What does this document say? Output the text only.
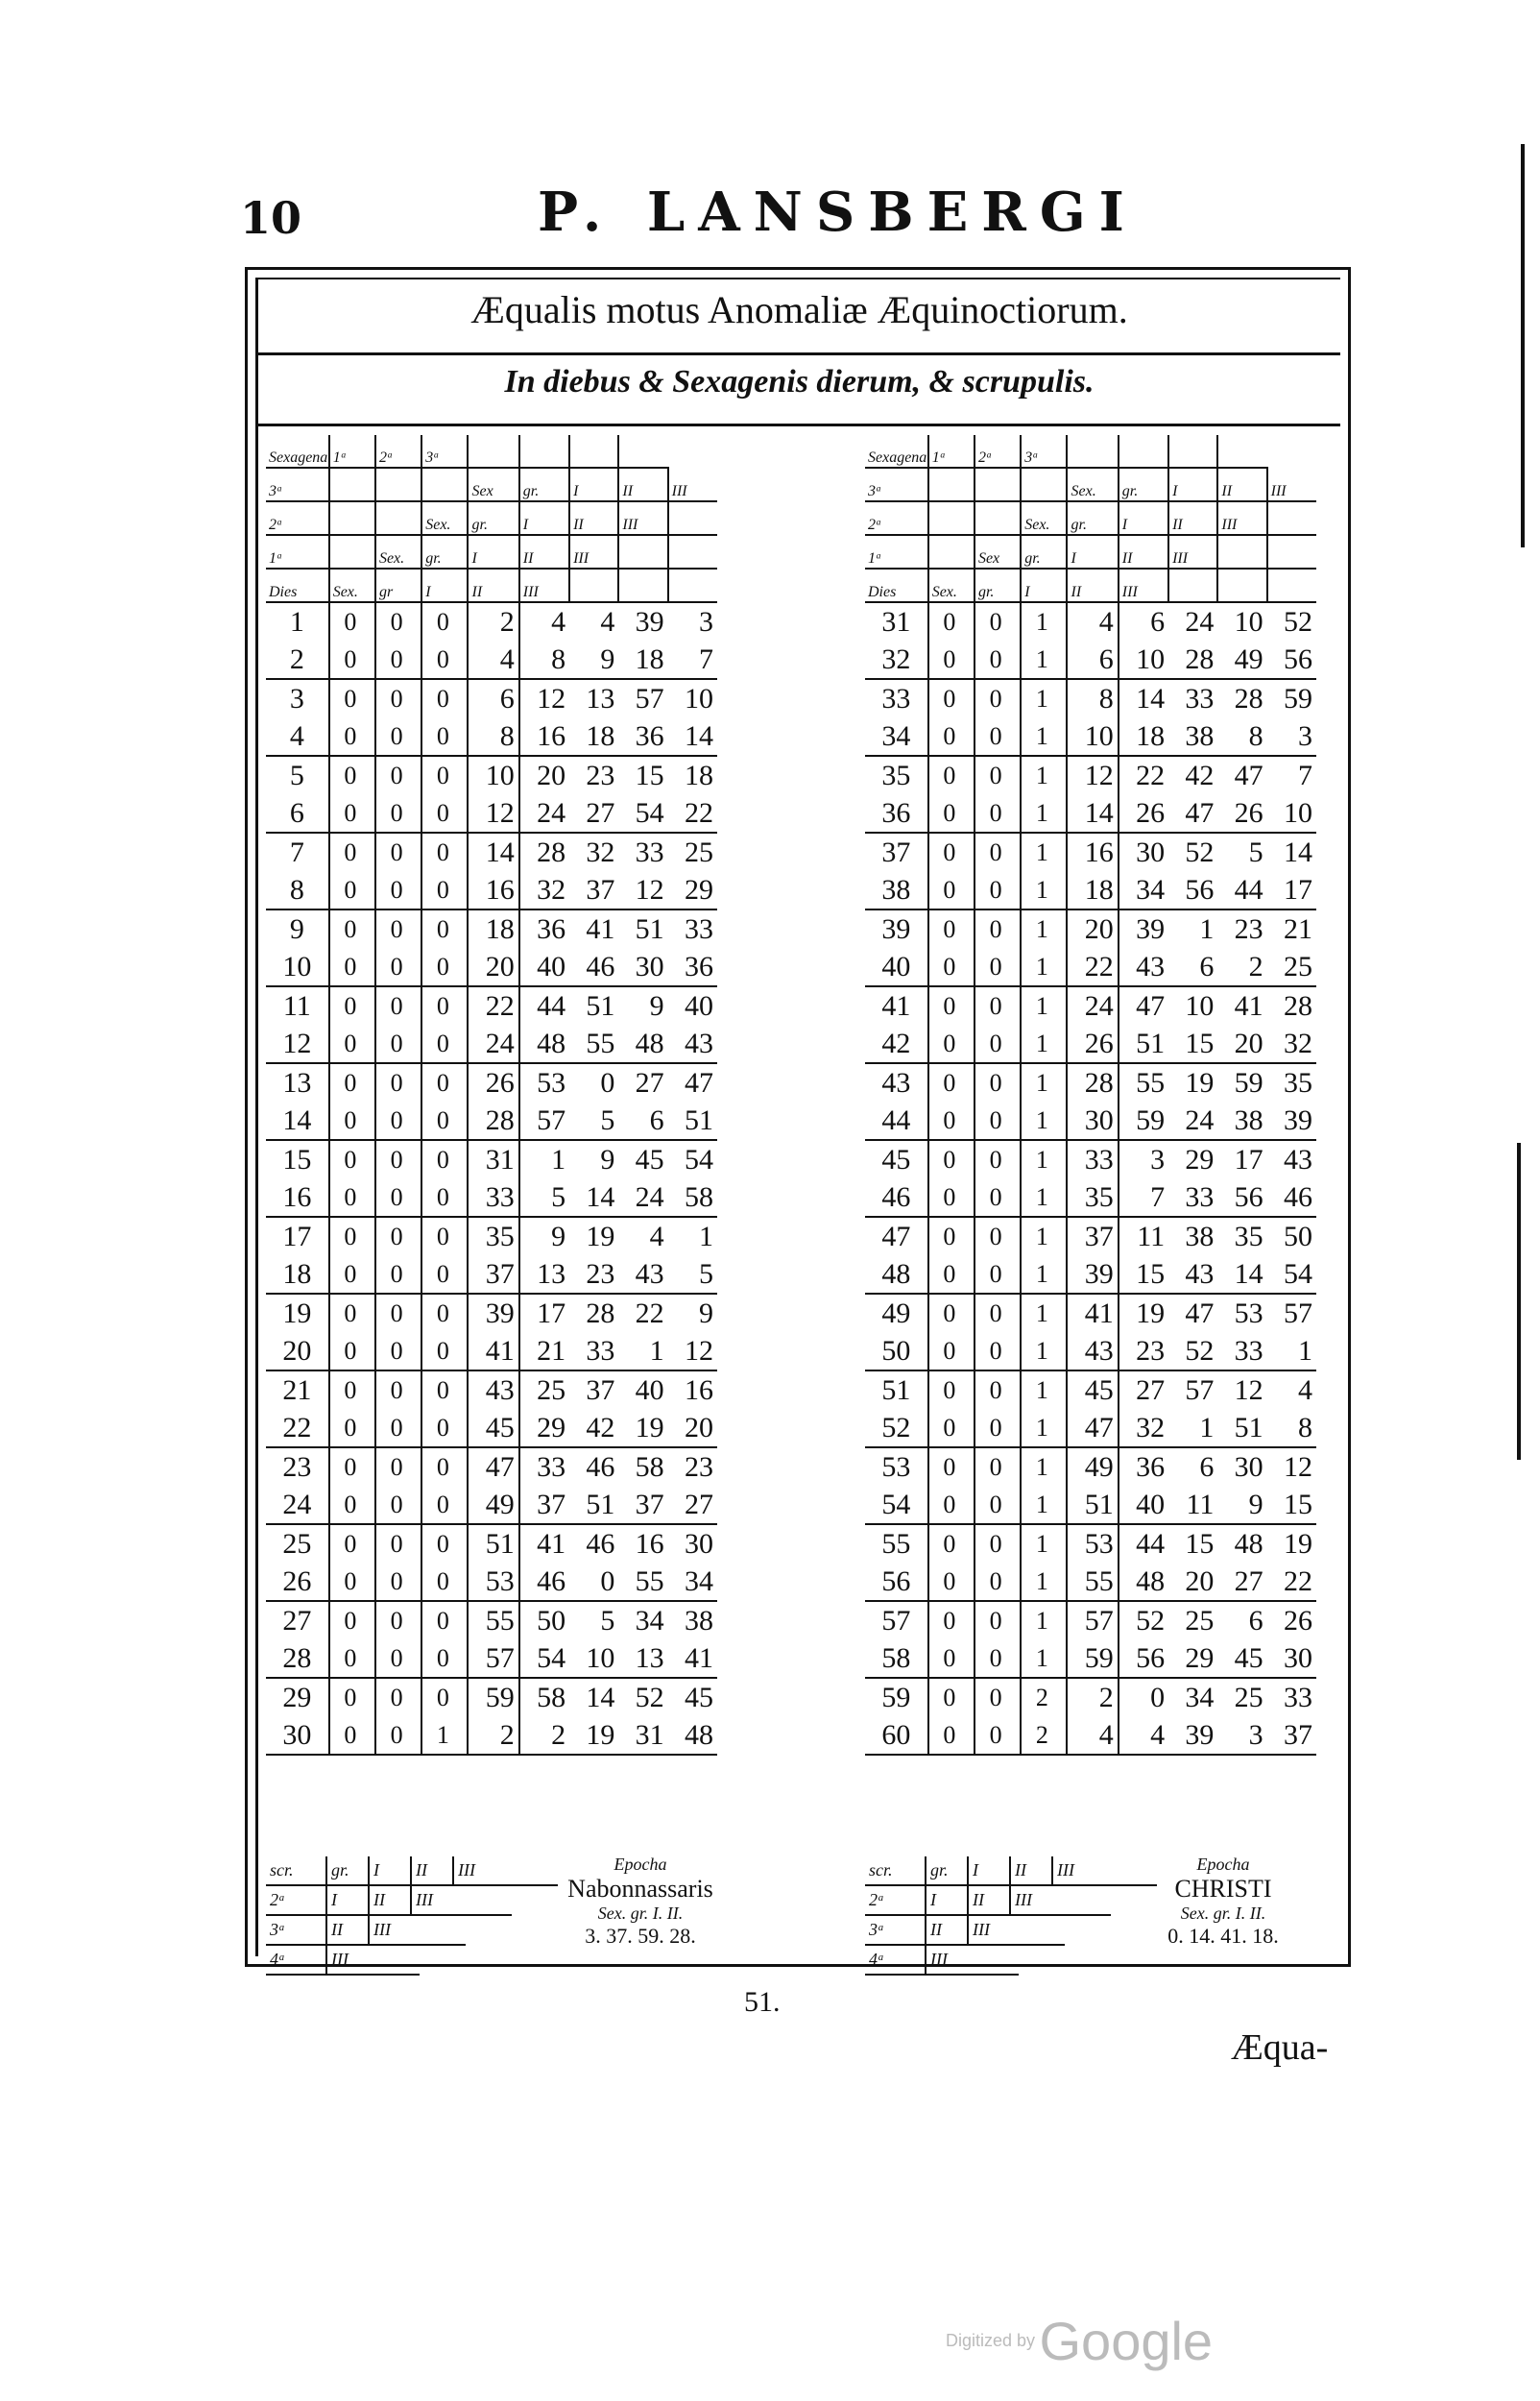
10	P. LANSBERGI
Æqualis motus Anomaliæ Æquinoctiorum.
In diebus & Sexagenis dierum, & scrupulis.
Sexagena	1ᵃ	2ᵃ	3ᵃ					
3ᵃ				Sex	gr.	I	II	III
2ᵃ			Sex.	gr.	I	II	III	
1ᵃ		Sex.	gr.	I	II	III		
Dies	Sex.	gr	I	II	III			
1	0	0	0	2	4	4	39	3
2	0	0	0	4	8	9	18	7
3	0	0	0	6	12	13	57	10
4	0	0	0	8	16	18	36	14
5	0	0	0	10	20	23	15	18
6	0	0	0	12	24	27	54	22
7	0	0	0	14	28	32	33	25
8	0	0	0	16	32	37	12	29
9	0	0	0	18	36	41	51	33
10	0	0	0	20	40	46	30	36
11	0	0	0	22	44	51	9	40
12	0	0	0	24	48	55	48	43
13	0	0	0	26	53	0	27	47
14	0	0	0	28	57	5	6	51
15	0	0	0	31	1	9	45	54
16	0	0	0	33	5	14	24	58
17	0	0	0	35	9	19	4	1
18	0	0	0	37	13	23	43	5
19	0	0	0	39	17	28	22	9
20	0	0	0	41	21	33	1	12
21	0	0	0	43	25	37	40	16
22	0	0	0	45	29	42	19	20
23	0	0	0	47	33	46	58	23
24	0	0	0	49	37	51	37	27
25	0	0	0	51	41	46	16	30
26	0	0	0	53	46	0	55	34
27	0	0	0	55	50	5	34	38
28	0	0	0	57	54	10	13	41
29	0	0	0	59	58	14	52	45
30	0	0	1	2	2	19	31	48
Sexagena	1ᵃ	2ᵃ	3ᵃ					
3ᵃ				Sex.	gr.	I	II	III
2ᵃ			Sex.	gr.	I	II	III	
1ᵃ		Sex	gr.	I	II	III		
Dies	Sex.	gr.	I	II	III			
31	0	0	1	4	6	24	10	52
32	0	0	1	6	10	28	49	56
33	0	0	1	8	14	33	28	59
34	0	0	1	10	18	38	8	3
35	0	0	1	12	22	42	47	7
36	0	0	1	14	26	47	26	10
37	0	0	1	16	30	52	5	14
38	0	0	1	18	34	56	44	17
39	0	0	1	20	39	1	23	21
40	0	0	1	22	43	6	2	25
41	0	0	1	24	47	10	41	28
42	0	0	1	26	51	15	20	32
43	0	0	1	28	55	19	59	35
44	0	0	1	30	59	24	38	39
45	0	0	1	33	3	29	17	43
46	0	0	1	35	7	33	56	46
47	0	0	1	37	11	38	35	50
48	0	0	1	39	15	43	14	54
49	0	0	1	41	19	47	53	57
50	0	0	1	43	23	52	33	1
51	0	0	1	45	27	57	12	4
52	0	0	1	47	32	1	51	8
53	0	0	1	49	36	6	30	12
54	0	0	1	51	40	11	9	15
55	0	0	1	53	44	15	48	19
56	0	0	1	55	48	20	27	22
57	0	0	1	57	52	25	6	26
58	0	0	1	59	56	29	45	30
59	0	0	2	2	0	34	25	33
60	0	0	2	4	4	39	3	37
scr. gr. I II III
2ᵃ	I II III
3ᵃ	II III
4ᵃ	III
scr. gr. I II III
2ᵃ	I II III
3ᵃ	II III
4ᵃ	III
Epocha
Nabonnassaris
Sex. gr. I. II.
3. 37. 59. 28.
Epocha
CHRISTI
Sex. gr. I. II.
0. 14. 41. 18.
51.
Æqua-
Digitized by Google
